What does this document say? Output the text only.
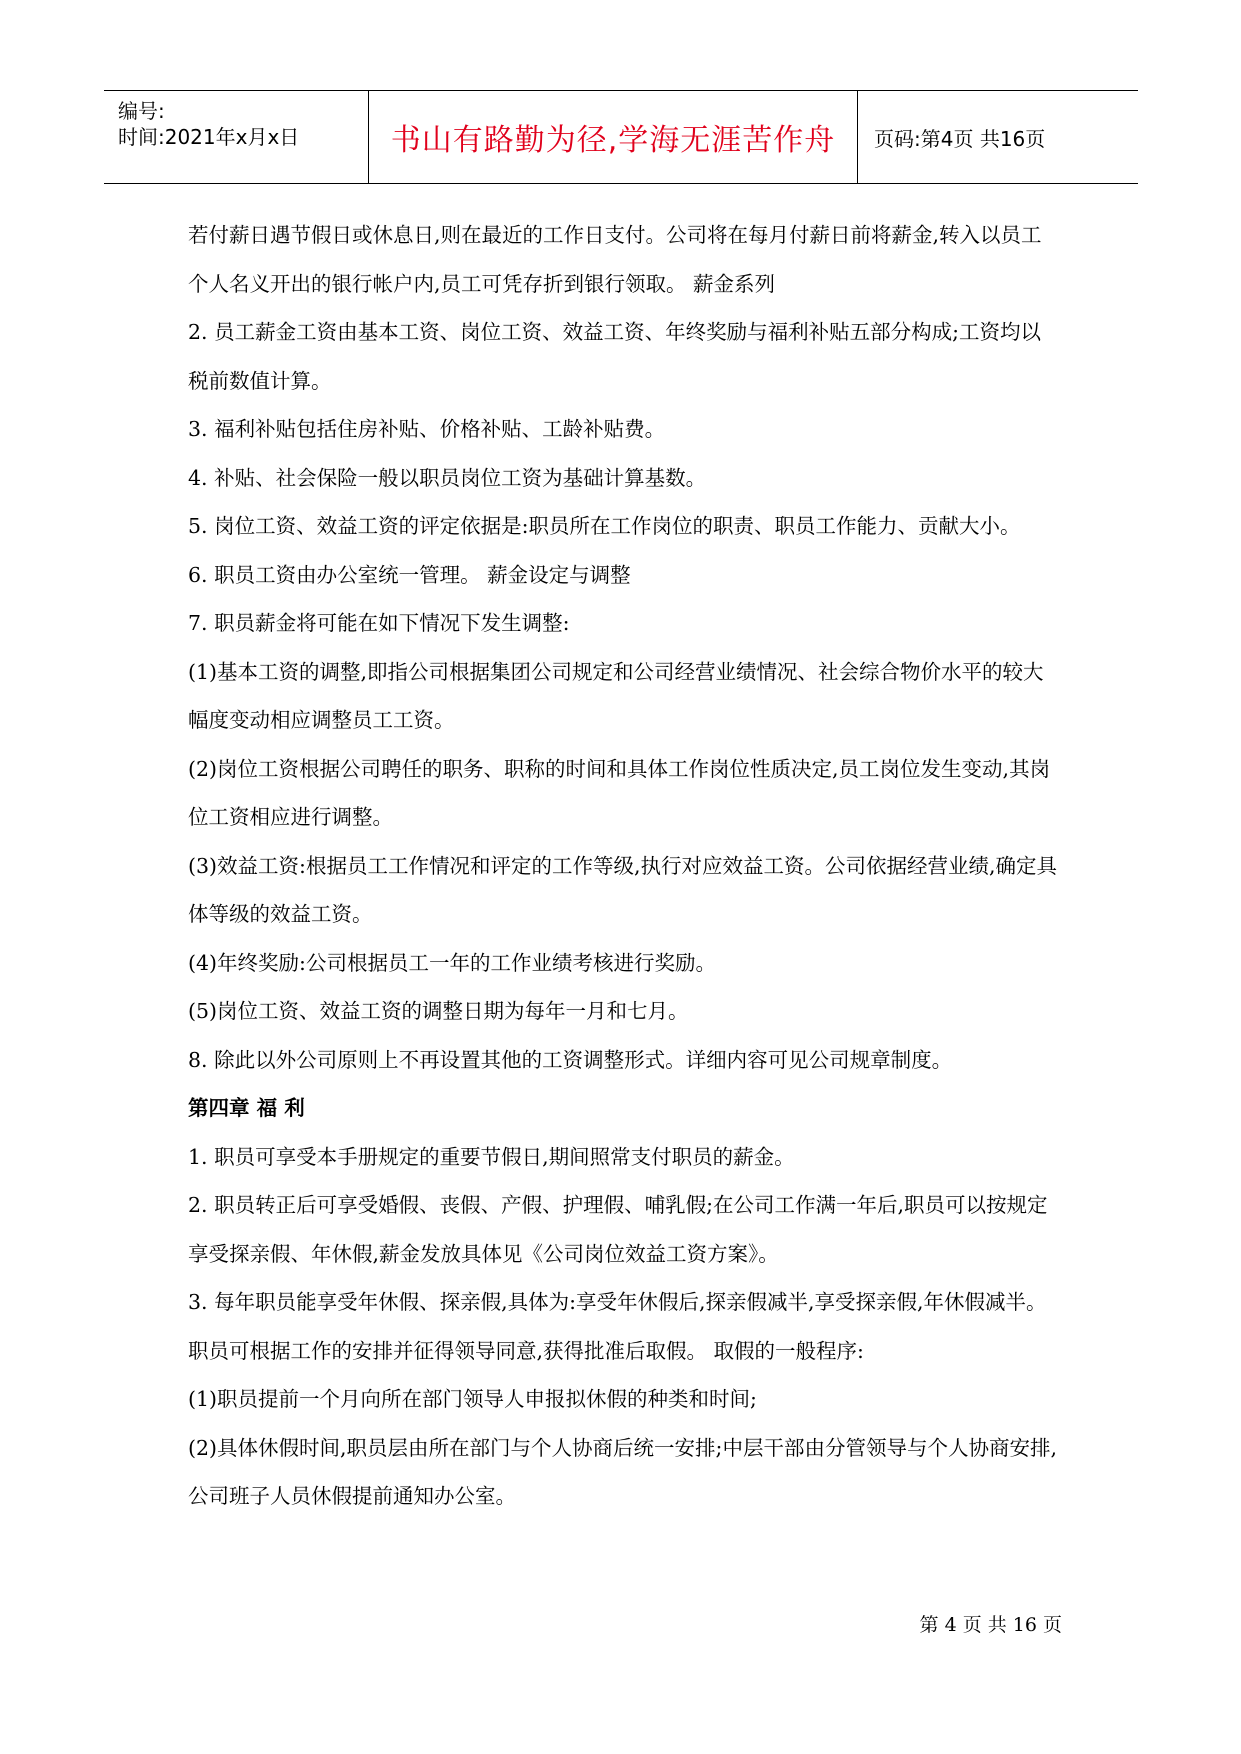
编号:
时间:2021年x月x日	书山有路勤为径,学海无涯苦作舟	页码:第4页 共16页

若付薪日遇节假日或休息日,则在最近的工作日支付。公司将在每月付薪日前将薪金,转入以员工个人名义开出的银行帐户内,员工可凭存折到银行领取。 薪金系列

2. 员工薪金工资由基本工资、岗位工资、效益工资、年终奖励与福利补贴五部分构成;工资均以税前数值计算。

3. 福利补贴包括住房补贴、价格补贴、工龄补贴费。

4. 补贴、社会保险一般以职员岗位工资为基础计算基数。

5. 岗位工资、效益工资的评定依据是:职员所在工作岗位的职责、职员工作能力、贡献大小。

6. 职员工资由办公室统一管理。 薪金设定与调整

7. 职员薪金将可能在如下情况下发生调整:

(1)基本工资的调整,即指公司根据集团公司规定和公司经营业绩情况、社会综合物价水平的较大幅度变动相应调整员工工资。

(2)岗位工资根据公司聘任的职务、职称的时间和具体工作岗位性质决定,员工岗位发生变动,其岗位工资相应进行调整。

(3)效益工资:根据员工工作情况和评定的工作等级,执行对应效益工资。公司依据经营业绩,确定具体等级的效益工资。

(4)年终奖励:公司根据员工一年的工作业绩考核进行奖励。

(5)岗位工资、效益工资的调整日期为每年一月和七月。

8. 除此以外公司原则上不再设置其他的工资调整形式。详细内容可见公司规章制度。

第四章 福 利

1. 职员可享受本手册规定的重要节假日,期间照常支付职员的薪金。

2. 职员转正后可享受婚假、丧假、产假、护理假、哺乳假;在公司工作满一年后,职员可以按规定享受探亲假、年休假,薪金发放具体见《公司岗位效益工资方案》。

3. 每年职员能享受年休假、探亲假,具体为:享受年休假后,探亲假减半,享受探亲假,年休假减半。职员可根据工作的安排并征得领导同意,获得批准后取假。 取假的一般程序:

(1)职员提前一个月向所在部门领导人申报拟休假的种类和时间;

(2)具体休假时间,职员层由所在部门与个人协商后统一安排;中层干部由分管领导与个人协商安排,公司班子人员休假提前通知办公室。

第 4 页 共 16 页
